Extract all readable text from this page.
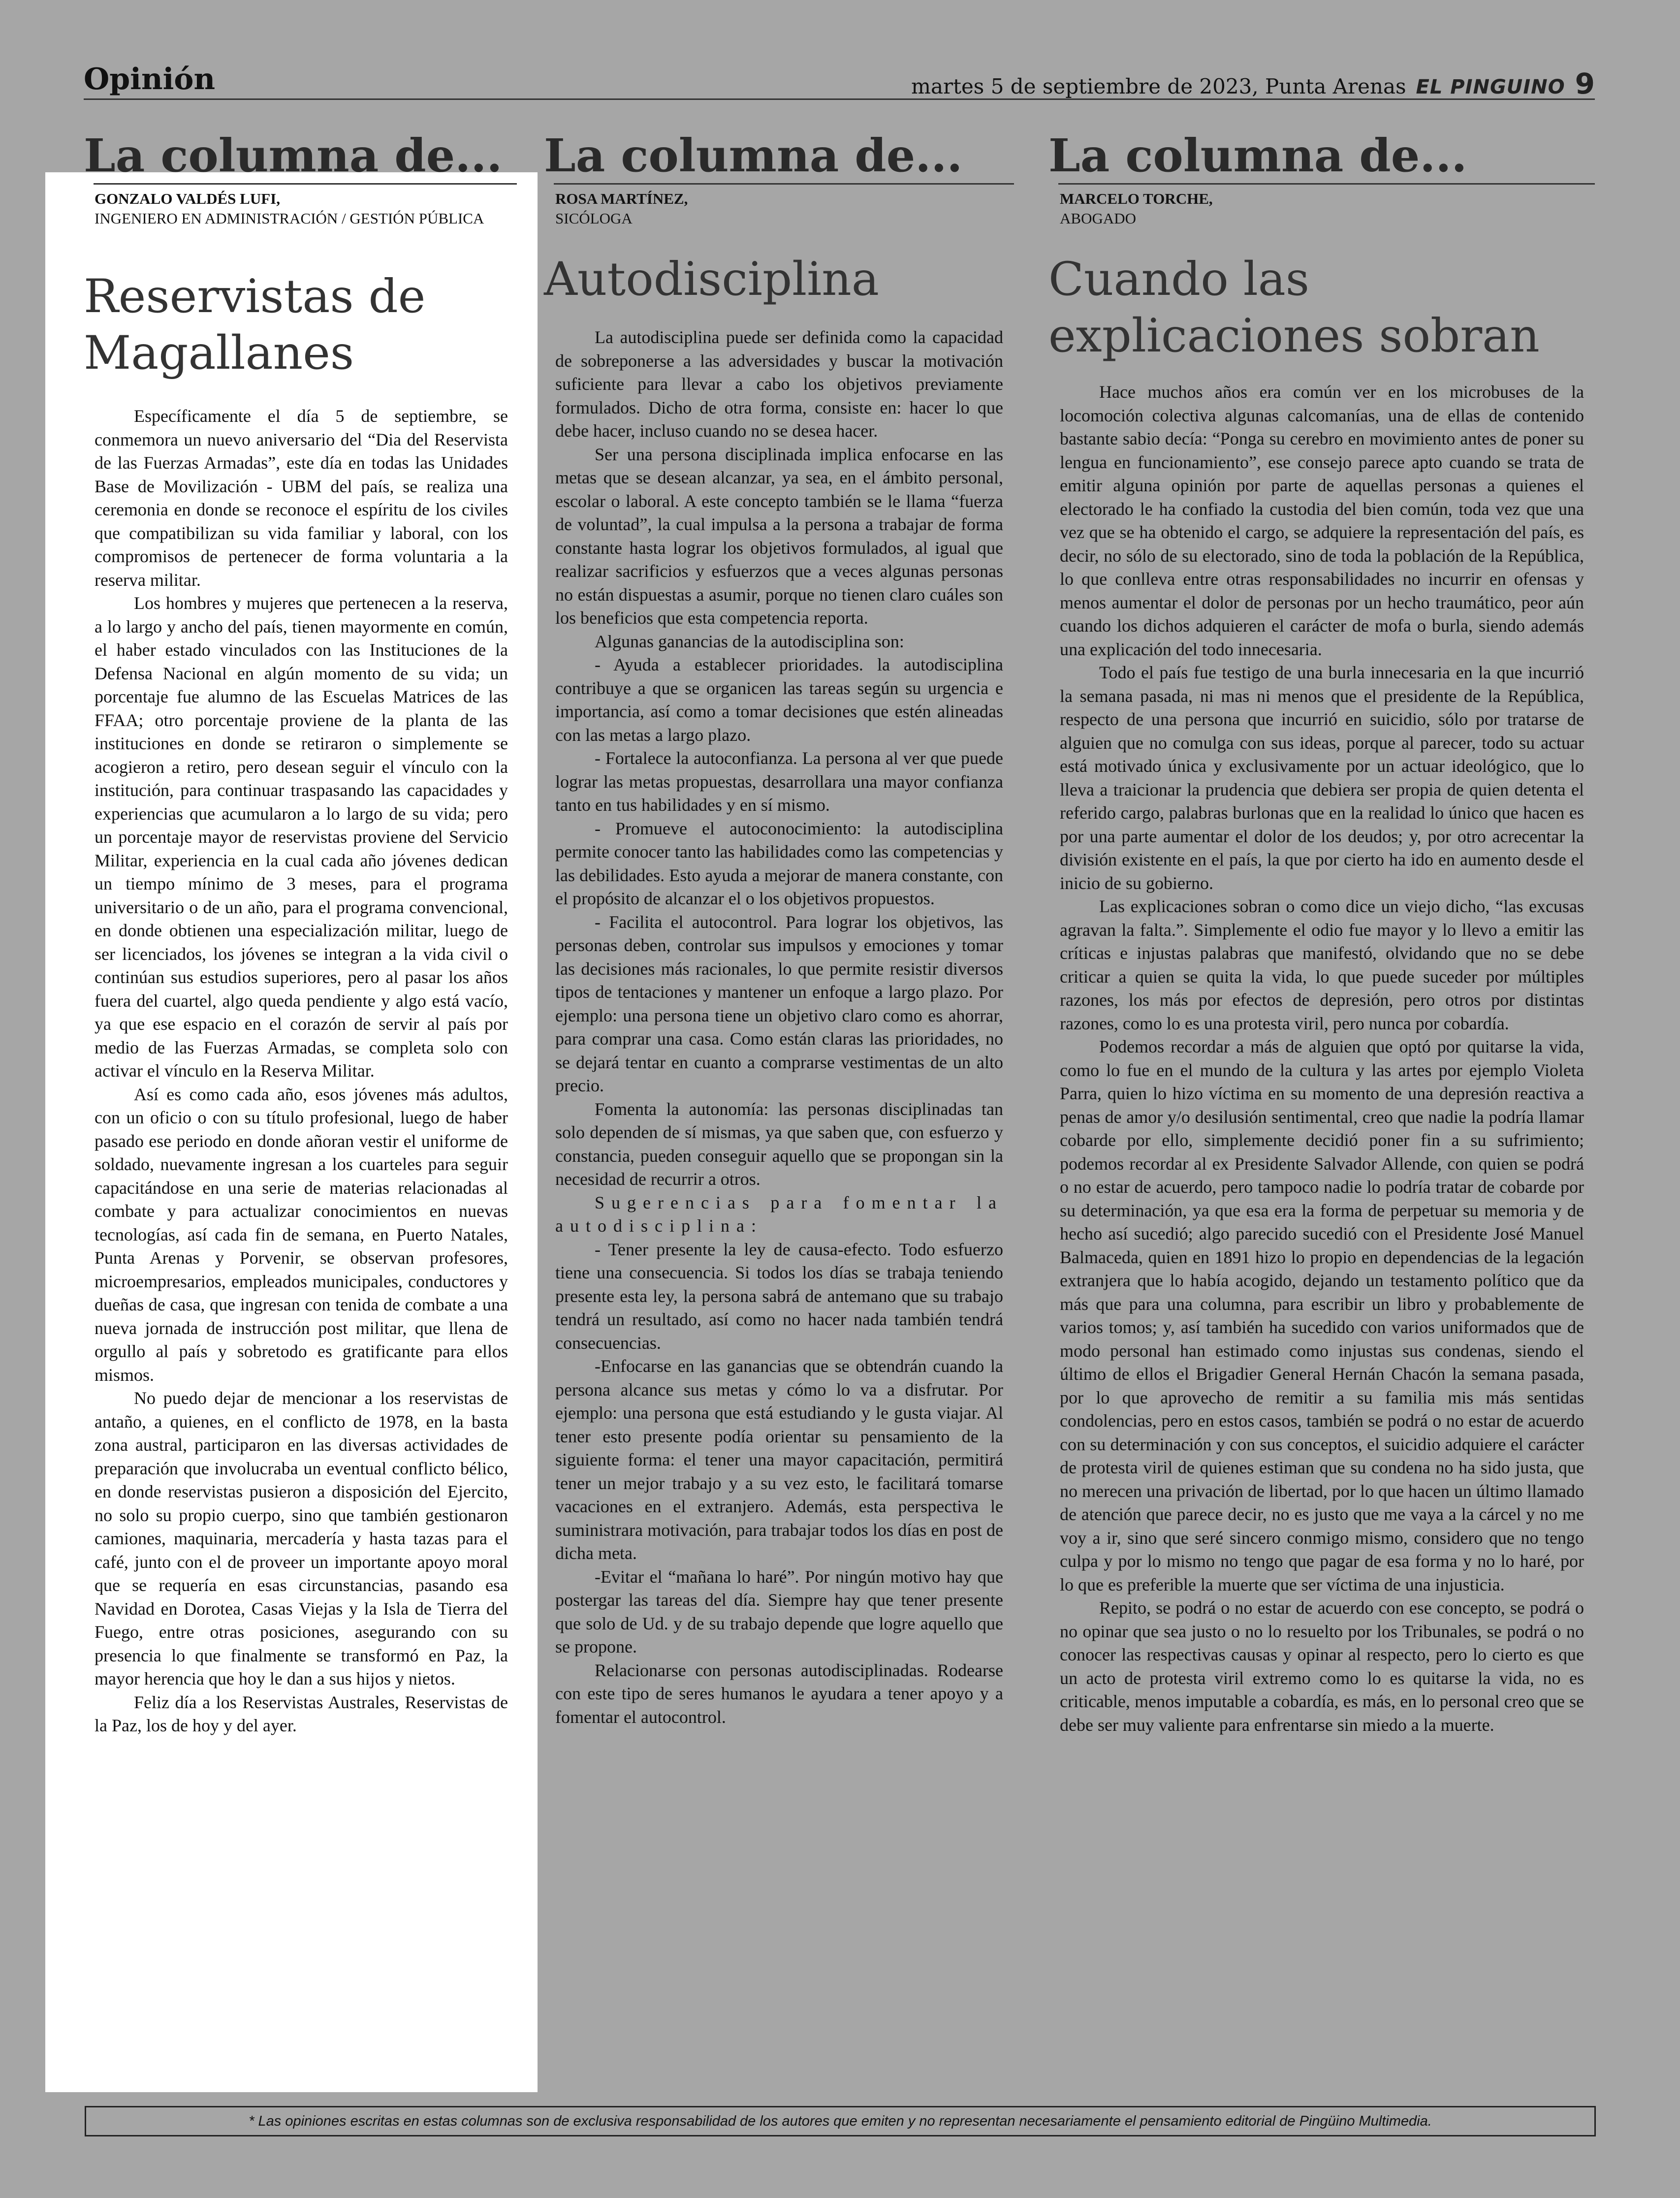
Opinión	martes 5 de septiembre de 2023, Punta Arenas EL PINGUINO 9
La columna de...
GONZALO VALDÉS LUFI,
INGENIERO EN ADMINISTRACIÓN / GESTIÓN PÚBLICA
Reservistas de Magallanes

Específicamente el día 5 de septiembre, se conmemora un nuevo aniversario del “Dia del Reservista de las Fuerzas Armadas”, este día en todas las Unidades Base de Movilización - UBM del país, se realiza una ceremonia en donde se reconoce el espíritu de los civiles que compatibilizan su vida familiar y laboral, con los compromisos de pertenecer de forma voluntaria a la reserva militar.

Los hombres y mujeres que pertenecen a la reserva, a lo largo y ancho del país, tienen mayormente en común, el haber estado vinculados con las Instituciones de la Defensa Nacional en algún momento de su vida; un porcentaje fue alumno de las Escuelas Matrices de las FFAA; otro porcentaje proviene de la planta de las instituciones en donde se retiraron o simplemente se acogieron a retiro, pero desean seguir el vínculo con la institución, para continuar traspasando las capacidades y experiencias que acumularon a lo largo de su vida; pero un porcentaje mayor de reservistas proviene del Servicio Militar, experiencia en la cual cada año jóvenes dedican un tiempo mínimo de 3 meses, para el programa universitario o de un año, para el programa convencional, en donde obtienen una especialización militar, luego de ser licenciados, los jóvenes se integran a la vida civil o continúan sus estudios superiores, pero al pasar los años fuera del cuartel, algo queda pendiente y algo está vacío, ya que ese espacio en el corazón de servir al país por medio de las Fuerzas Armadas, se completa solo con activar el vínculo en la Reserva Militar.

Así es como cada año, esos jóvenes más adultos, con un oficio o con su título profesional, luego de haber pasado ese periodo en donde añoran vestir el uniforme de soldado, nuevamente ingresan a los cuarteles para seguir capacitándose en una serie de materias relacionadas al combate y para actualizar conocimientos en nuevas tecnologías, así cada fin de semana, en Puerto Natales, Punta Arenas y Porvenir, se observan profesores, microempresarios, empleados municipales, conductores y dueñas de casa, que ingresan con tenida de combate a una nueva jornada de instrucción post militar, que llena de orgullo al país y sobretodo es gratificante para ellos mismos.

No puedo dejar de mencionar a los reservistas de antaño, a quienes, en el conflicto de 1978, en la basta zona austral, participaron en las diversas actividades de preparación que involucraba un eventual conflicto bélico, en donde reservistas pusieron a disposición del Ejercito, no solo su propio cuerpo, sino que también gestionaron camiones, maquinaria, mercadería y hasta tazas para el café, junto con el de proveer un importante apoyo moral que se requería en esas circunstancias, pasando esa Navidad en Dorotea, Casas Viejas y la Isla de Tierra del Fuego, entre otras posiciones, asegurando con su presencia lo que finalmente se transformó en Paz, la mayor herencia que hoy le dan a sus hijos y nietos.

Feliz día a los Reservistas Australes, Reservistas de la Paz, los de hoy y del ayer.

La columna de...
ROSA MARTÍNEZ,
SICÓLOGA
Autodisciplina

La autodisciplina puede ser definida como la capacidad de sobreponerse a las adversidades y buscar la motivación suficiente para llevar a cabo los objetivos previamente formulados. Dicho de otra forma, consiste en: hacer lo que debe hacer, incluso cuando no se desea hacer.

Ser una persona disciplinada implica enfocarse en las metas que se desean alcanzar, ya sea, en el ámbito personal, escolar o laboral. A este concepto también se le llama “fuerza de voluntad”, la cual impulsa a la persona a trabajar de forma constante hasta lograr los objetivos formulados, al igual que realizar sacrificios y esfuerzos que a veces algunas personas no están dispuestas a asumir, porque no tienen claro cuáles son los beneficios que esta competencia reporta.

Algunas ganancias de la autodisciplina son:

- Ayuda a establecer prioridades. la autodisciplina contribuye a que se organicen las tareas según su urgencia e importancia, así como a tomar decisiones que estén alineadas con las metas a largo plazo.

- Fortalece la autoconfianza. La persona al ver que puede lograr las metas propuestas, desarrollara una mayor confianza tanto en tus habilidades y en sí mismo.

- Promueve el autoconocimiento: la autodisciplina permite conocer tanto las habilidades como las competencias y las debilidades. Esto ayuda a mejorar de manera constante, con el propósito de alcanzar el o los objetivos propuestos.

- Facilita el autocontrol. Para lograr los objetivos, las personas deben, controlar sus impulsos y emociones y tomar las decisiones más racionales, lo que permite resistir diversos tipos de tentaciones y mantener un enfoque a largo plazo. Por ejemplo: una persona tiene un objetivo claro como es ahorrar, para comprar una casa. Como están claras las prioridades, no se dejará tentar en cuanto a comprarse vestimentas de un alto precio.

Fomenta la autonomía: las personas disciplinadas tan solo dependen de sí mismas, ya que saben que, con esfuerzo y constancia, pueden conseguir aquello que se propongan sin la necesidad de recurrir a otros.

Sugerencias para fomentar la autodisciplina:

- Tener presente la ley de causa-efecto. Todo esfuerzo tiene una consecuencia. Si todos los días se trabaja teniendo presente esta ley, la persona sabrá de antemano que su trabajo tendrá un resultado, así como no hacer nada también tendrá consecuencias.

-Enfocarse en las ganancias que se obtendrán cuando la persona alcance sus metas y cómo lo va a disfrutar. Por ejemplo: una persona que está estudiando y le gusta viajar. Al tener esto presente podía orientar su pensamiento de la siguiente forma: el tener una mayor capacitación, permitirá tener un mejor trabajo y a su vez esto, le facilitará tomarse vacaciones en el extranjero. Además, esta perspectiva le suministrara motivación, para trabajar todos los días en post de dicha meta.

-Evitar el “mañana lo haré”. Por ningún motivo hay que postergar las tareas del día. Siempre hay que tener presente que solo de Ud. y de su trabajo depende que logre aquello que se propone.

Relacionarse con personas autodisciplinadas. Rodearse con este tipo de seres humanos le ayudara a tener apoyo y a fomentar el autocontrol.

La columna de...
MARCELO TORCHE,
ABOGADO
Cuando las explicaciones sobran

Hace muchos años era común ver en los microbuses de la locomoción colectiva algunas calcomanías, una de ellas de contenido bastante sabio decía: “Ponga su cerebro en movimiento antes de poner su lengua en funcionamiento”, ese consejo parece apto cuando se trata de emitir alguna opinión por parte de aquellas personas a quienes el electorado le ha confiado la custodia del bien común, toda vez que una vez que se ha obtenido el cargo, se adquiere la representación del país, es decir, no sólo de su electorado, sino de toda la población de la República, lo que conlleva entre otras responsabilidades no incurrir en ofensas y menos aumentar el dolor de personas por un hecho traumático, peor aún cuando los dichos adquieren el carácter de mofa o burla, siendo además una explicación del todo innecesaria.

Todo el país fue testigo de una burla innecesaria en la que incurrió la semana pasada, ni mas ni menos que el presidente de la República, respecto de una persona que incurrió en suicidio, sólo por tratarse de alguien que no comulga con sus ideas, porque al parecer, todo su actuar está motivado única y exclusivamente por un actuar ideológico, que lo lleva a traicionar la prudencia que debiera ser propia de quien detenta el referido cargo, palabras burlonas que en la realidad lo único que hacen es por una parte aumentar el dolor de los deudos; y, por otro acrecentar la división existente en el país, la que por cierto ha ido en aumento desde el inicio de su gobierno.

Las explicaciones sobran o como dice un viejo dicho, “las excusas agravan la falta.”. Simplemente el odio fue mayor y lo llevo a emitir las críticas e injustas palabras que manifestó, olvidando que no se debe criticar a quien se quita la vida, lo que puede suceder por múltiples razones, los más por efectos de depresión, pero otros por distintas razones, como lo es una protesta viril, pero nunca por cobardía.

Podemos recordar a más de alguien que optó por quitarse la vida, como lo fue en el mundo de la cultura y las artes por ejemplo Violeta Parra, quien lo hizo víctima en su momento de una depresión reactiva a penas de amor y/o desilusión sentimental, creo que nadie la podría llamar cobarde por ello, simplemente decidió poner fin a su sufrimiento; podemos recordar al ex Presidente Salvador Allende, con quien se podrá o no estar de acuerdo, pero tampoco nadie lo podría tratar de cobarde por su determinación, ya que esa era la forma de perpetuar su memoria y de hecho así sucedió; algo parecido sucedió con el Presidente José Manuel Balmaceda, quien en 1891 hizo lo propio en dependencias de la legación extranjera que lo había acogido, dejando un testamento político que da más que para una columna, para escribir un libro y probablemente de varios tomos; y, así también ha sucedido con varios uniformados que de modo personal han estimado como injustas sus condenas, siendo el último de ellos el Brigadier General Hernán Chacón la semana pasada, por lo que aprovecho de remitir a su familia mis más sentidas condolencias, pero en estos casos, también se podrá o no estar de acuerdo con su determinación y con sus conceptos, el suicidio adquiere el carácter de protesta viril de quienes estiman que su condena no ha sido justa, que no merecen una privación de libertad, por lo que hacen un último llamado de atención que parece decir, no es justo que me vaya a la cárcel y no me voy a ir, sino que seré sincero conmigo mismo, considero que no tengo culpa y por lo mismo no tengo que pagar de esa forma y no lo haré, por lo que es preferible la muerte que ser víctima de una injusticia.

Repito, se podrá o no estar de acuerdo con ese concepto, se podrá o no opinar que sea justo o no lo resuelto por los Tribunales, se podrá o no conocer las respectivas causas y opinar al respecto, pero lo cierto es que un acto de protesta viril extremo como lo es quitarse la vida, no es criticable, menos imputable a cobardía, es más, en lo personal creo que se debe ser muy valiente para enfrentarse sin miedo a la muerte.

* Las opiniones escritas en estas columnas son de exclusiva responsabilidad de los autores que emiten y no representan necesariamente el pensamiento editorial de Pingüino Multimedia.
